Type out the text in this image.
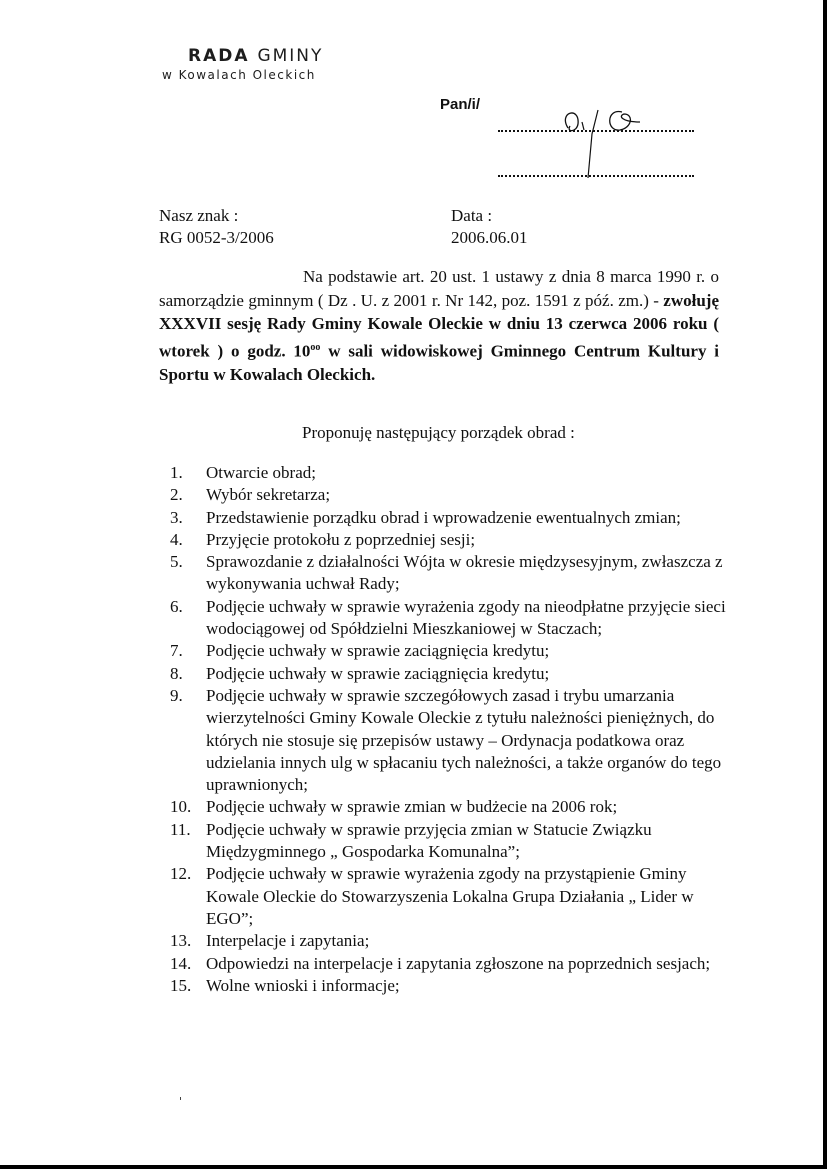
RADA GMINY
w Kowalach Oleckich
Pan/i/
Nasz znak :
RG 0052-3/2006
Data :
2006.06.01
Na podstawie art. 20 ust. 1 ustawy z dnia 8 marca 1990 r. o samorządzie gminnym ( Dz . U. z 2001 r. Nr 142, poz. 1591 z póź. zm.) - zwołuję XXXVII sesję Rady Gminy Kowale Oleckie w dniu 13 czerwca 2006 roku ( wtorek ) o godz. $10^{oo}$ w sali widowiskowej Gminnego Centrum Kultury i Sportu w Kowalach Oleckich.
Proponuję następujący porządek obrad :
1.	Otwarcie obrad;
2.	Wybór sekretarza;
3.	Przedstawienie porządku obrad i wprowadzenie ewentualnych zmian;
4.	Przyjęcie protokołu z poprzedniej sesji;
5.	Sprawozdanie z działalności Wójta w okresie międzysesyjnym, zwłaszcza z wykonywania uchwał Rady;
6.	Podjęcie uchwały w sprawie wyrażenia zgody na nieodpłatne przyjęcie sieci wodociągowej od Spółdzielni Mieszkaniowej w Staczach;
7.	Podjęcie uchwały w sprawie zaciągnięcia kredytu;
8.	Podjęcie uchwały w sprawie zaciągnięcia kredytu;
9.	Podjęcie uchwały w sprawie szczegółowych zasad i trybu umarzania wierzytelności Gminy Kowale Oleckie z tytułu należności pieniężnych, do których nie stosuje się przepisów ustawy – Ordynacja podatkowa oraz udzielania innych ulg w spłacaniu tych należności, a także organów do tego uprawnionych;
10. Podjęcie uchwały w sprawie zmian w budżecie na 2006 rok;
11. Podjęcie uchwały w sprawie przyjęcia zmian w Statucie Związku Międzygminnego „ Gospodarka Komunalna”;
12. Podjęcie uchwały w sprawie wyrażenia zgody na przystąpienie Gminy Kowale Oleckie do Stowarzyszenia Lokalna Grupa Działania „ Lider w EGO”;
13. Interpelacje i zapytania;
14. Odpowiedzi na interpelacje i zapytania zgłoszone na poprzednich sesjach;
15. Wolne wnioski i informacje;
